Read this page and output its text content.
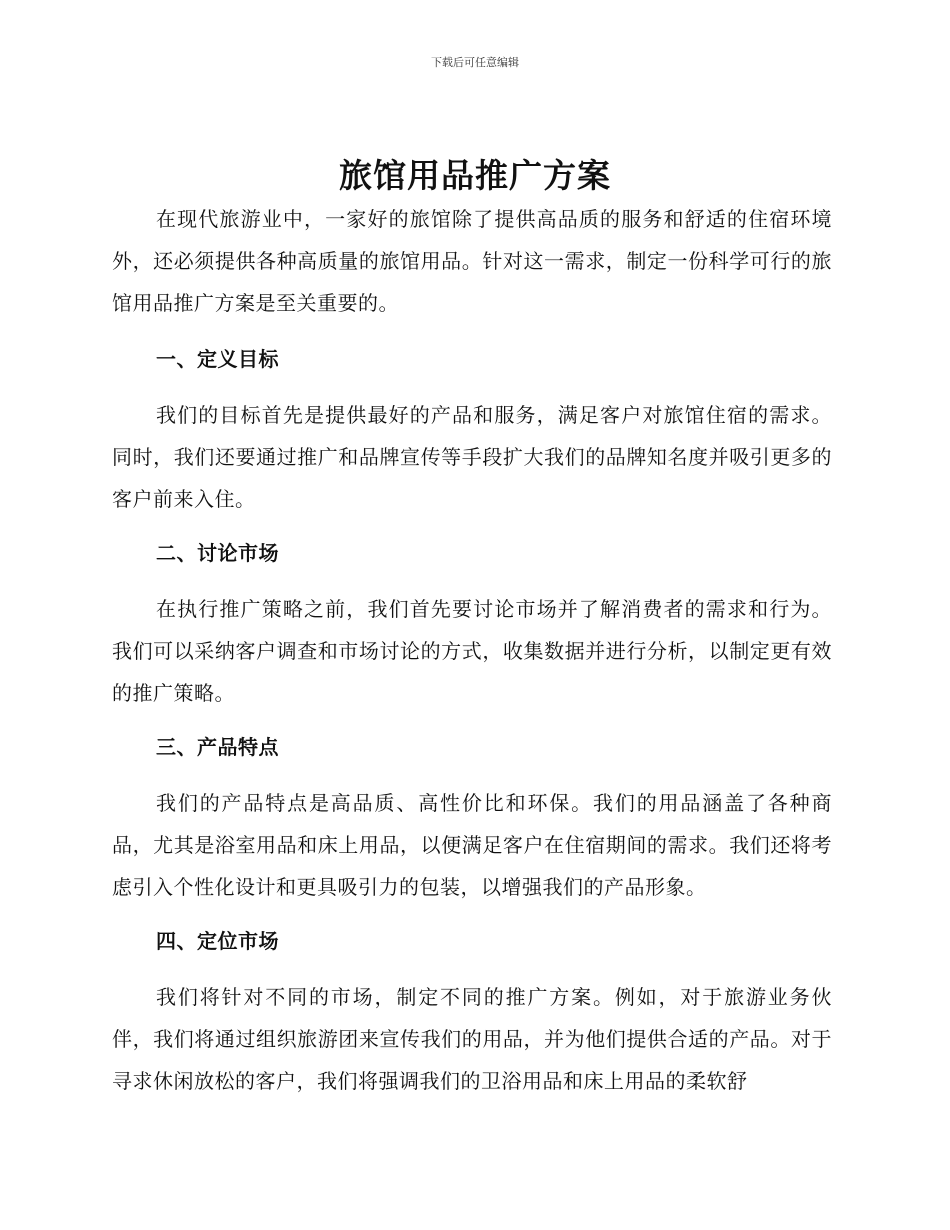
下载后可任意编辑
旅馆用品推广方案

在现代旅游业中，一家好的旅馆除了提供高品质的服务和舒适的住宿环境外，还必须提供各种高质量的旅馆用品。针对这一需求，制定一份科学可行的旅馆用品推广方案是至关重要的。

一、定义目标

我们的目标首先是提供最好的产品和服务，满足客户对旅馆住宿的需求。同时，我们还要通过推广和品牌宣传等手段扩大我们的品牌知名度并吸引更多的客户前来入住。

二、讨论市场

在执行推广策略之前，我们首先要讨论市场并了解消费者的需求和行为。我们可以采纳客户调查和市场讨论的方式，收集数据并进行分析，以制定更有效的推广策略。

三、产品特点

我们的产品特点是高品质、高性价比和环保。我们的用品涵盖了各种商品，尤其是浴室用品和床上用品，以便满足客户在住宿期间的需求。我们还将考虑引入个性化设计和更具吸引力的包装，以增强我们的产品形象。

四、定位市场

我们将针对不同的市场，制定不同的推广方案。例如，对于旅游业务伙伴，我们将通过组织旅游团来宣传我们的用品，并为他们提供合适的产品。对于寻求休闲放松的客户，我们将强调我们的卫浴用品和床上用品的柔软舒
